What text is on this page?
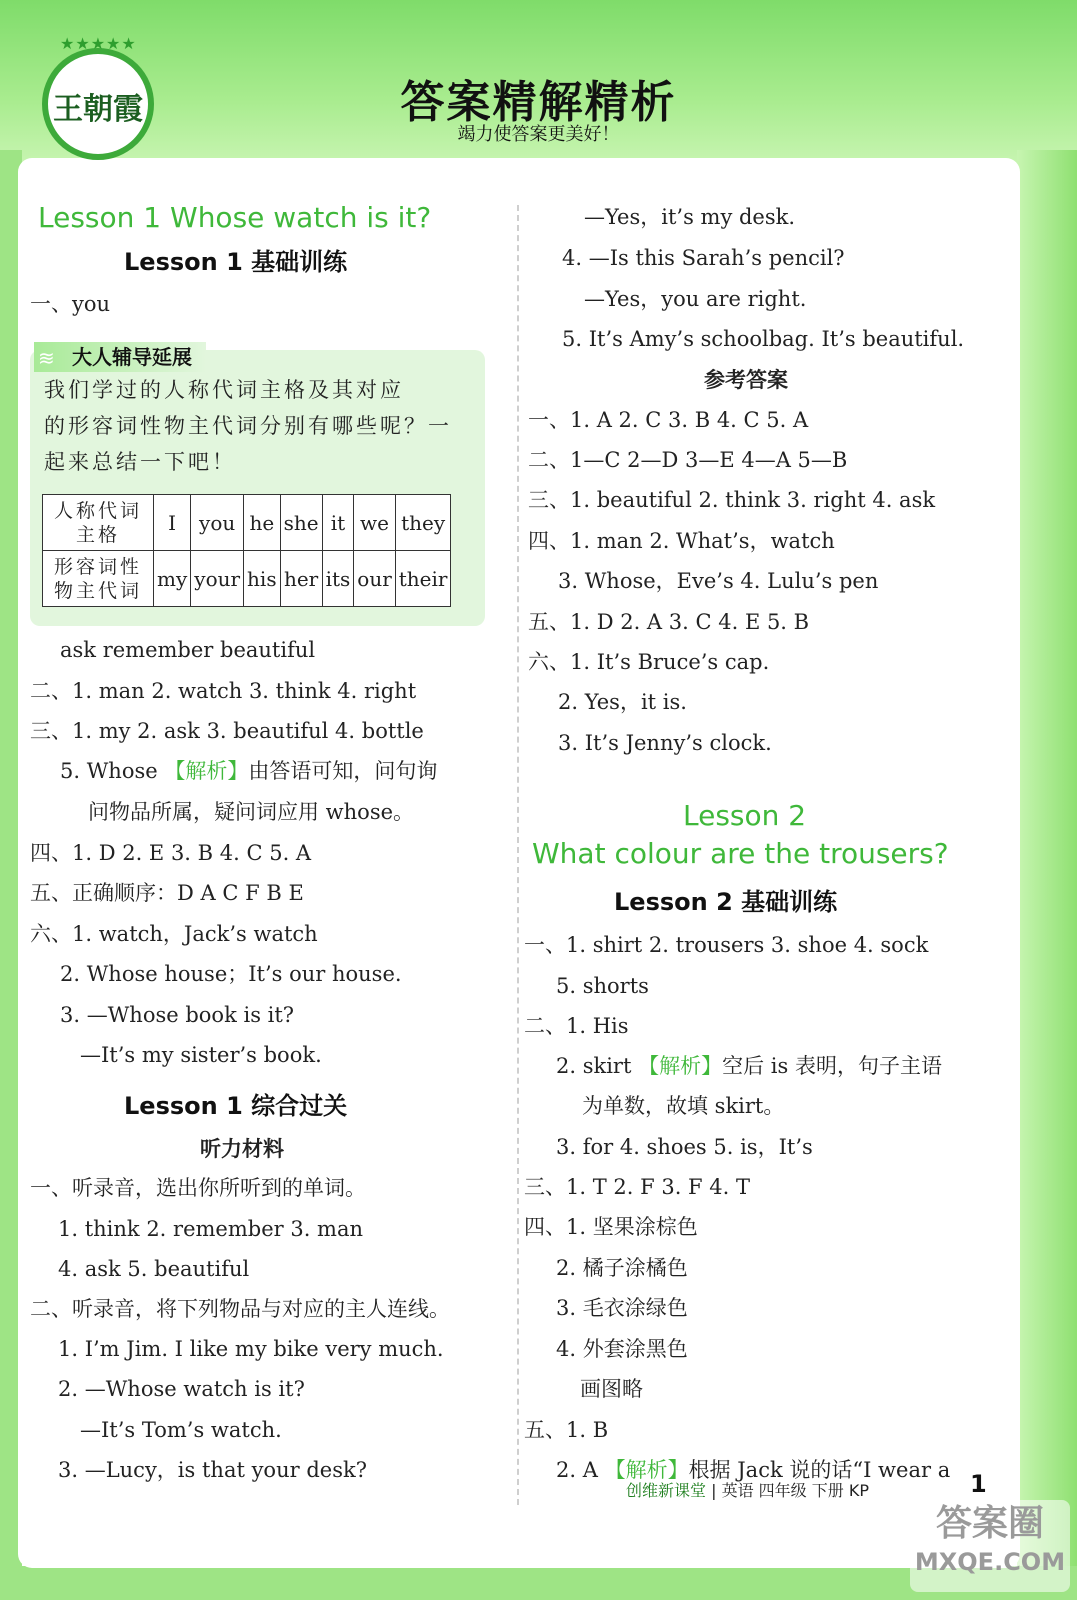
王朝霞
★★★★★
答案精解精析
竭力使答案更美好！
Lesson 1 Whose watch is it?
Lesson 1 基础训练
一、you
大人辅导延展
≋
我们学过的人称代词主格及其对应
的形容词性物主代词分别有哪些呢？一
起来总结一下吧！
人称代词主格	I	you	he	she	it	we	they
形容词性物主代词	my	your	his	her	its	our	their
ask remember beautiful
二、1. man 2. watch 3. think 4. right
三、1. my 2. ask 3. beautiful 4. bottle
5. Whose 【解析】由答语可知，问句询
问物品所属，疑问词应用 whose。
四、1. D 2. E 3. B 4. C 5. A
五、正确顺序：D A C F B E
六、1. watch，Jack’s watch
2. Whose house；It’s our house.
3. —Whose book is it?
—It’s my sister’s book.
Lesson 1 综合过关
听力材料
一、听录音，选出你所听到的单词。
1. think 2. remember 3. man
4. ask 5. beautiful
二、听录音，将下列物品与对应的主人连线。
1. I’m Jim. I like my bike very much.
2. —Whose watch is it?
—It’s Tom’s watch.
3. —Lucy，is that your desk?
—Yes，it’s my desk.
4. —Is this Sarah’s pencil?
—Yes，you are right.
5. It’s Amy’s schoolbag. It’s beautiful.
参考答案
一、1. A 2. C 3. B 4. C 5. A
二、1—C 2—D 3—E 4—A 5—B
三、1. beautiful 2. think 3. right 4. ask
四、1. man 2. What’s，watch
3. Whose，Eve’s 4. Lulu’s pen
五、1. D 2. A 3. C 4. E 5. B
六、1. It’s Bruce’s cap.
2. Yes，it is.
3. It’s Jenny’s clock.
Lesson 2
What colour are the trousers?
Lesson 2 基础训练
一、1. shirt 2. trousers 3. shoe 4. sock
5. shorts
二、1. His
2. skirt 【解析】空后 is 表明，句子主语
为单数，故填 skirt。
3. for 4. shoes 5. is，It’s
三、1. T 2. F 3. F 4. T
四、1. 坚果涂棕色
2. 橘子涂橘色
3. 毛衣涂绿色
4. 外套涂黑色
画图略
五、1. B
2. A 【解析】根据 Jack 说的话“I wear a
创维新课堂 | 英语 四年级 下册 KP	1
答案圈
MXQE.COM
